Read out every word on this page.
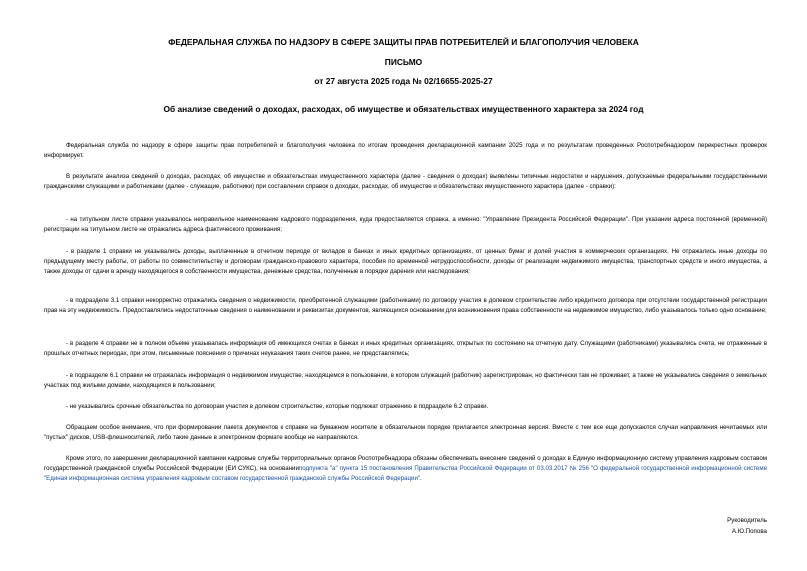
ФЕДЕРАЛЬНАЯ СЛУЖБА ПО НАДЗОРУ В СФЕРЕ ЗАЩИТЫ ПРАВ ПОТРЕБИТЕЛЕЙ И БЛАГОПОЛУЧИЯ ЧЕЛОВЕКА
ПИСЬМО
от 27 августа 2025 года № 02/16655-2025-27
Об анализе сведений о доходах, расходах, об имуществе и обязательствах имущественного характера за 2024 год
Федеральная служба по надзору в сфере защиты прав потребителей и благополучия человека по итогам проведения декларационной кампании 2025 года и по результатам проведенных Роспотребнадзором перекрестных проверок информирует.
В результате анализа сведений о доходах, расходах, об имуществе и обязательствах имущественного характера (далее - сведения о доходах) выявлены типичные недостатки и нарушения, допускаемые федеральными государственными гражданскими служащими и работниками (далее - служащие, работники) при составлении справок о доходах, расходах, об имуществе и обязательствах имущественного характера (далее - справки):
- на титульном листе справки указывалось неправильное наименование кадрового подразделения, куда предоставляется справка, а именно: "Управление Президента Российской Федерации". При указании адреса постоянной (временной) регистрации на титульном листе не отражались адреса фактического проживания;
- в разделе 1 справки не указывались доходы, выплаченные в отчетном периоде от вкладов в банках и иных кредитных организациях, от ценных бумаг и долей участия в коммерческих организациях. Не отражались иные доходы по предыдущему месту работы, от работы по совместительству и договорам гражданско-правового характера, пособия по временной нетрудоспособности, доходы от реализации недвижимого имущества, транспортных средств и иного имущества, а также доходы от сдачи в аренду находящегося в собственности имущества, денежные средства, полученные в порядке дарения или наследования;
- в подразделе 3.1 справки некорректно отражались сведения о недвижимости, приобретенной служащими (работниками) по договору участия в долевом строительстве либо кредитного договора при отсутствии государственной регистрации прав на эту недвижимость. Предоставлялись недостаточные сведения о наименовании и реквизитах документов, являющихся основанием для возникновения права собственности на недвижимое имущество, либо указывалось только одно основание;
- в разделе 4 справки не в полном объеме указывалась информация об имеющихся счетах в банках и иных кредитных организациях, открытых по состоянию на отчетную дату. Служащими (работниками) указывались счета, не отраженные в прошлых отчетных периодах, при этом, письменные пояснения о причинах неуказания таких счетов ранее, не представлялись;
- в подразделе 6.1 справки не отражалась информация о недвижимом имуществе, находящемся в пользовании, в котором служащий (работник) зарегистрирован, но фактически там не проживает, а также не указывались сведения о земельных участках под жилыми домами, находящихся в пользовании;
- не указывались срочные обязательства по договорам участия в долевом строительстве, которые подлежат отражению в подразделе 6.2 справки.
Обращаем особое внимание, что при формировании пакета документов к справке на бумажном носителе в обязательном порядке прилагается электронная версия. Вместе с тем все еще допускаются случаи направления нечитаемых или "пустых" дисков, USB-флешносителей, либо такие данные в электронном формате вообще не направляются.
Кроме этого, по завершении декларационной кампании кадровые службы территориальных органов Роспотребнадзора обязаны обеспечивать внесение сведений о доходах в Единую информационную систему управления кадровым составом государственной гражданской службы Российской Федерации (ЕИ СУКС), на основанииподпункта "а" пункта 15 постановления Правительства Российской Федерации от 03.03.2017 № 256 "О федеральной государственной информационной системе "Единая информационная система управления кадровым составом государственной гражданской службы Российской Федерации".
Руководитель
А.Ю.Попова
